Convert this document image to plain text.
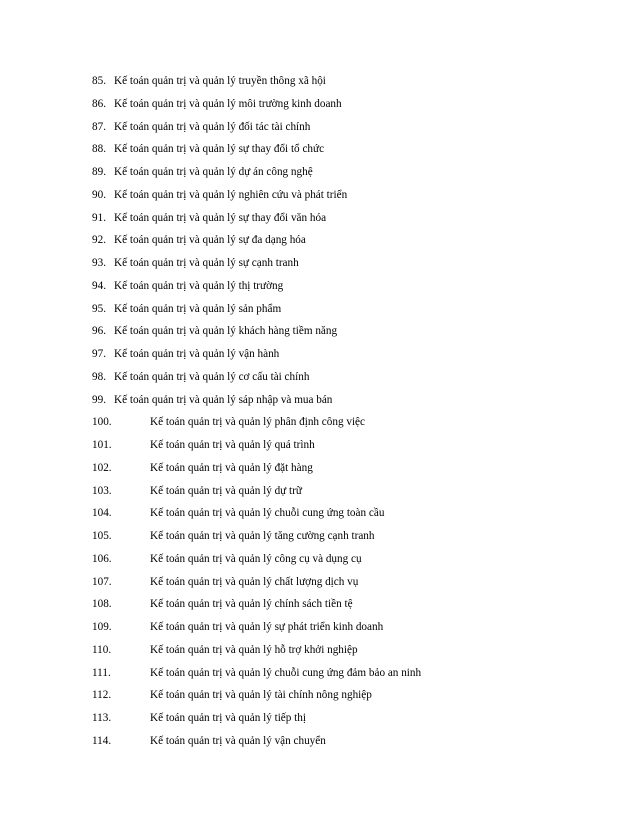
85. Kế toán quản trị và quản lý truyền thông xã hội
86. Kế toán quản trị và quản lý môi trường kinh doanh
87. Kế toán quản trị và quản lý đối tác tài chính
88. Kế toán quản trị và quản lý sự thay đổi tổ chức
89. Kế toán quản trị và quản lý dự án công nghệ
90. Kế toán quản trị và quản lý nghiên cứu và phát triển
91. Kế toán quản trị và quản lý sự thay đổi văn hóa
92. Kế toán quản trị và quản lý sự đa dạng hóa
93. Kế toán quản trị và quản lý sự cạnh tranh
94. Kế toán quản trị và quản lý thị trường
95. Kế toán quản trị và quản lý sản phẩm
96. Kế toán quản trị và quản lý khách hàng tiềm năng
97. Kế toán quản trị và quản lý vận hành
98. Kế toán quản trị và quản lý cơ cấu tài chính
99. Kế toán quản trị và quản lý sáp nhập và mua bán
100.	Kế toán quản trị và quản lý phân định công việc
101.	Kế toán quản trị và quản lý quá trình
102.	Kế toán quản trị và quản lý đặt hàng
103.	Kế toán quản trị và quản lý dự trữ
104.	Kế toán quản trị và quản lý chuỗi cung ứng toàn cầu
105.	Kế toán quản trị và quản lý tăng cường cạnh tranh
106.	Kế toán quản trị và quản lý công cụ và dụng cụ
107.	Kế toán quản trị và quản lý chất lượng dịch vụ
108.	Kế toán quản trị và quản lý chính sách tiền tệ
109.	Kế toán quản trị và quản lý sự phát triển kinh doanh
110.	Kế toán quản trị và quản lý hỗ trợ khởi nghiệp
111.	Kế toán quản trị và quản lý chuỗi cung ứng đảm bảo an ninh
112.	Kế toán quản trị và quản lý tài chính nông nghiệp
113.	Kế toán quản trị và quản lý tiếp thị
114.	Kế toán quản trị và quản lý vận chuyển
